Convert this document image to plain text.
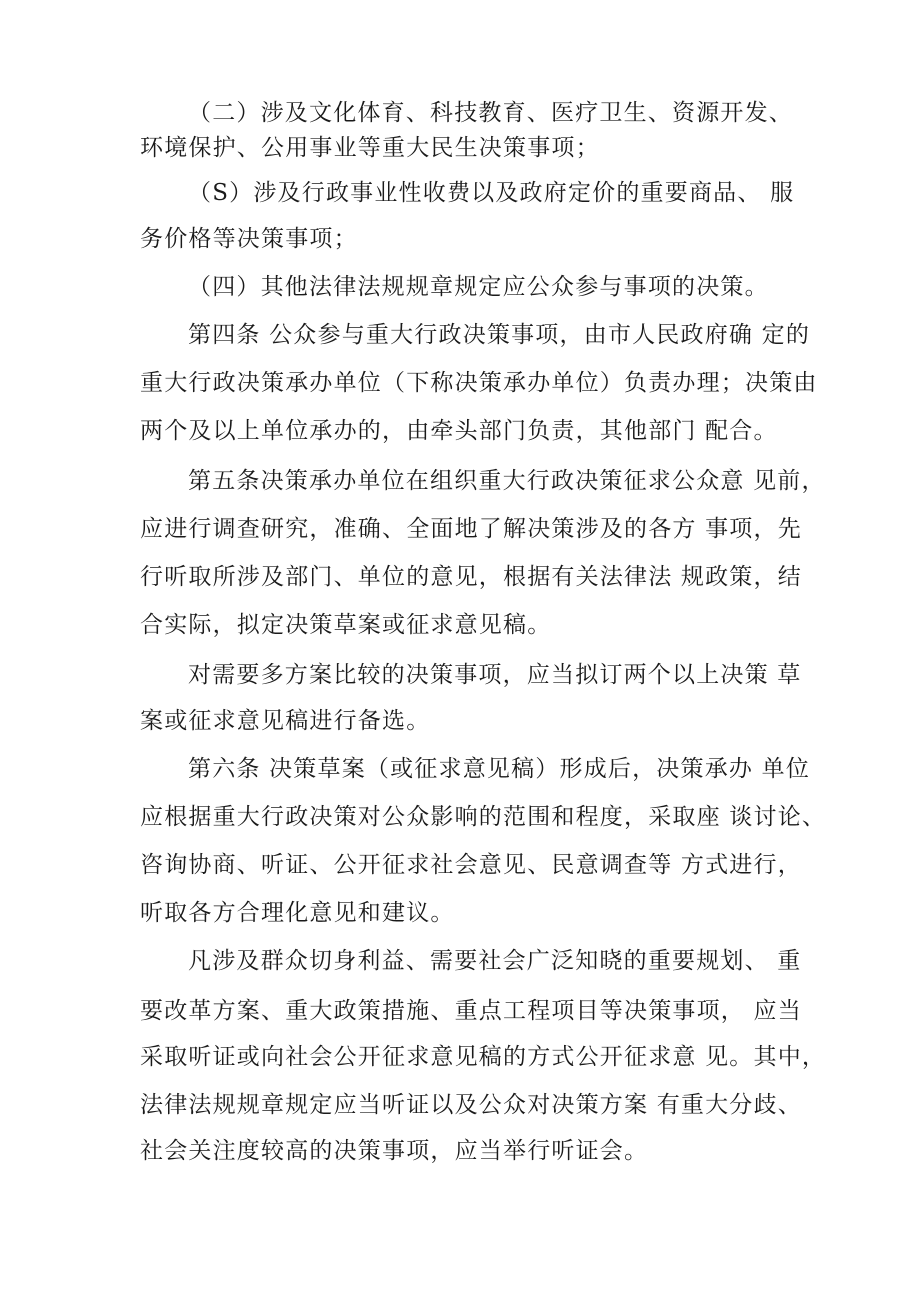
（二）涉及文化体育、科技教育、医疗卫生、资源开发、
环境保护、公用事业等重大民生决策事项；
（S）涉及行政事业性收费以及政府定价的重要商品、 服
务价格等决策事项；
（四）其他法律法规规章规定应公众参与事项的决策。
第四条 公众参与重大行政决策事项，由市人民政府确 定的
重大行政决策承办单位（下称决策承办单位）负责办理；决策由
两个及以上单位承办的，由牵头部门负责，其他部门 配合。
第五条决策承办单位在组织重大行政决策征求公众意 见前，
应进行调查研究，准确、全面地了解决策涉及的各方 事项，先
行听取所涉及部门、单位的意见，根据有关法律法 规政策，结
合实际，拟定决策草案或征求意见稿。
对需要多方案比较的决策事项，应当拟订两个以上决策 草
案或征求意见稿进行备选。
第六条 决策草案（或征求意见稿）形成后，决策承办 单位
应根据重大行政决策对公众影响的范围和程度，采取座 谈讨论、
咨询协商、听证、公开征求社会意见、民意调查等 方式进行，
听取各方合理化意见和建议。
凡涉及群众切身利益、需要社会广泛知晓的重要规划、 重
要改革方案、重大政策措施、重点工程项目等决策事项， 应当
采取听证或向社会公开征求意见稿的方式公开征求意 见。其中，
法律法规规章规定应当听证以及公众对决策方案 有重大分歧、
社会关注度较高的决策事项，应当举行听证会。
